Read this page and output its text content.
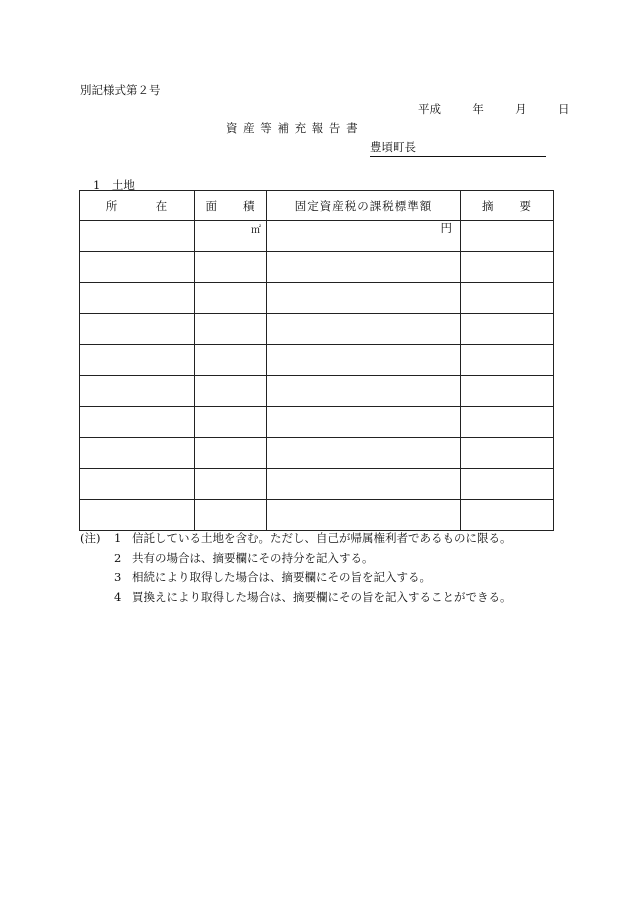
別記様式第２号
平成	年	月	日
資 産 等 補 充 報 告 書
豊頃町長
1　土地
所　　　在	面　　積	固定資産税の課税標準額	摘　　要

	㎡	円	

(注)	1 信託している土地を含む。ただし、自己が帰属権利者であるものに限る。
2 共有の場合は、摘要欄にその持分を記入する。
3 相続により取得した場合は、摘要欄にその旨を記入する。
4 買換えにより取得した場合は、摘要欄にその旨を記入することができる。
